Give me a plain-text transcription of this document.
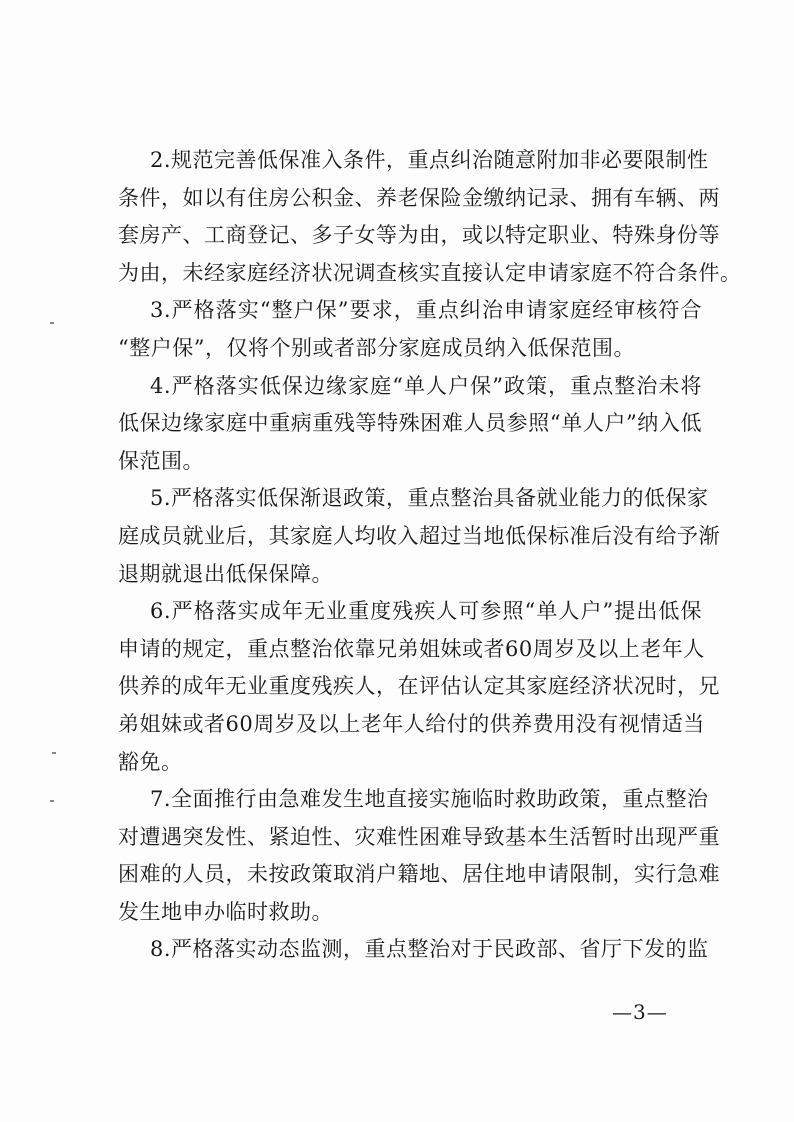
2.规范完善低保准入条件，重点纠治随意附加非必要限制性
条件，如以有住房公积金、养老保险金缴纳记录、拥有车辆、两
套房产、工商登记、多子女等为由，或以特定职业、特殊身份等
为由，未经家庭经济状况调查核实直接认定申请家庭不符合条件。
3.严格落实“整户保”要求，重点纠治申请家庭经审核符合
“整户保”，仅将个别或者部分家庭成员纳入低保范围。
4.严格落实低保边缘家庭“单人户保”政策，重点整治未将
低保边缘家庭中重病重残等特殊困难人员参照“单人户”纳入低
保范围。
5.严格落实低保渐退政策，重点整治具备就业能力的低保家
庭成员就业后，其家庭人均收入超过当地低保标准后没有给予渐
退期就退出低保保障。
6.严格落实成年无业重度残疾人可参照“单人户”提出低保
申请的规定，重点整治依靠兄弟姐妹或者60周岁及以上老年人
供养的成年无业重度残疾人，在评估认定其家庭经济状况时，兄
弟姐妹或者60周岁及以上老年人给付的供养费用没有视情适当
豁免。
7.全面推行由急难发生地直接实施临时救助政策，重点整治
对遭遇突发性、紧迫性、灾难性困难导致基本生活暂时出现严重
困难的人员，未按政策取消户籍地、居住地申请限制，实行急难
发生地申办临时救助。
8.严格落实动态监测，重点整治对于民政部、省厅下发的监
—3—
